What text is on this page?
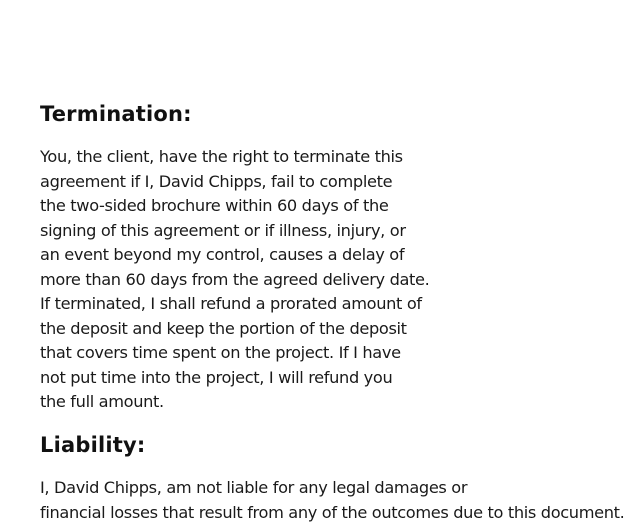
Termination:

You, the client, have the right to terminate this
agreement if I, David Chipps, fail to complete
the two-sided brochure within 60 days of the
signing of this agreement or if illness, injury, or
an event beyond my control, causes a delay of
more than 60 days from the agreed delivery date.
If terminated, I shall refund a prorated amount of
the deposit and keep the portion of the deposit
that covers time spent on the project. If I have
not put time into the project, I will refund you
the full amount.

Liability:

I, David Chipps, am not liable for any legal damages or
financial losses that result from any of the outcomes due to this document.
